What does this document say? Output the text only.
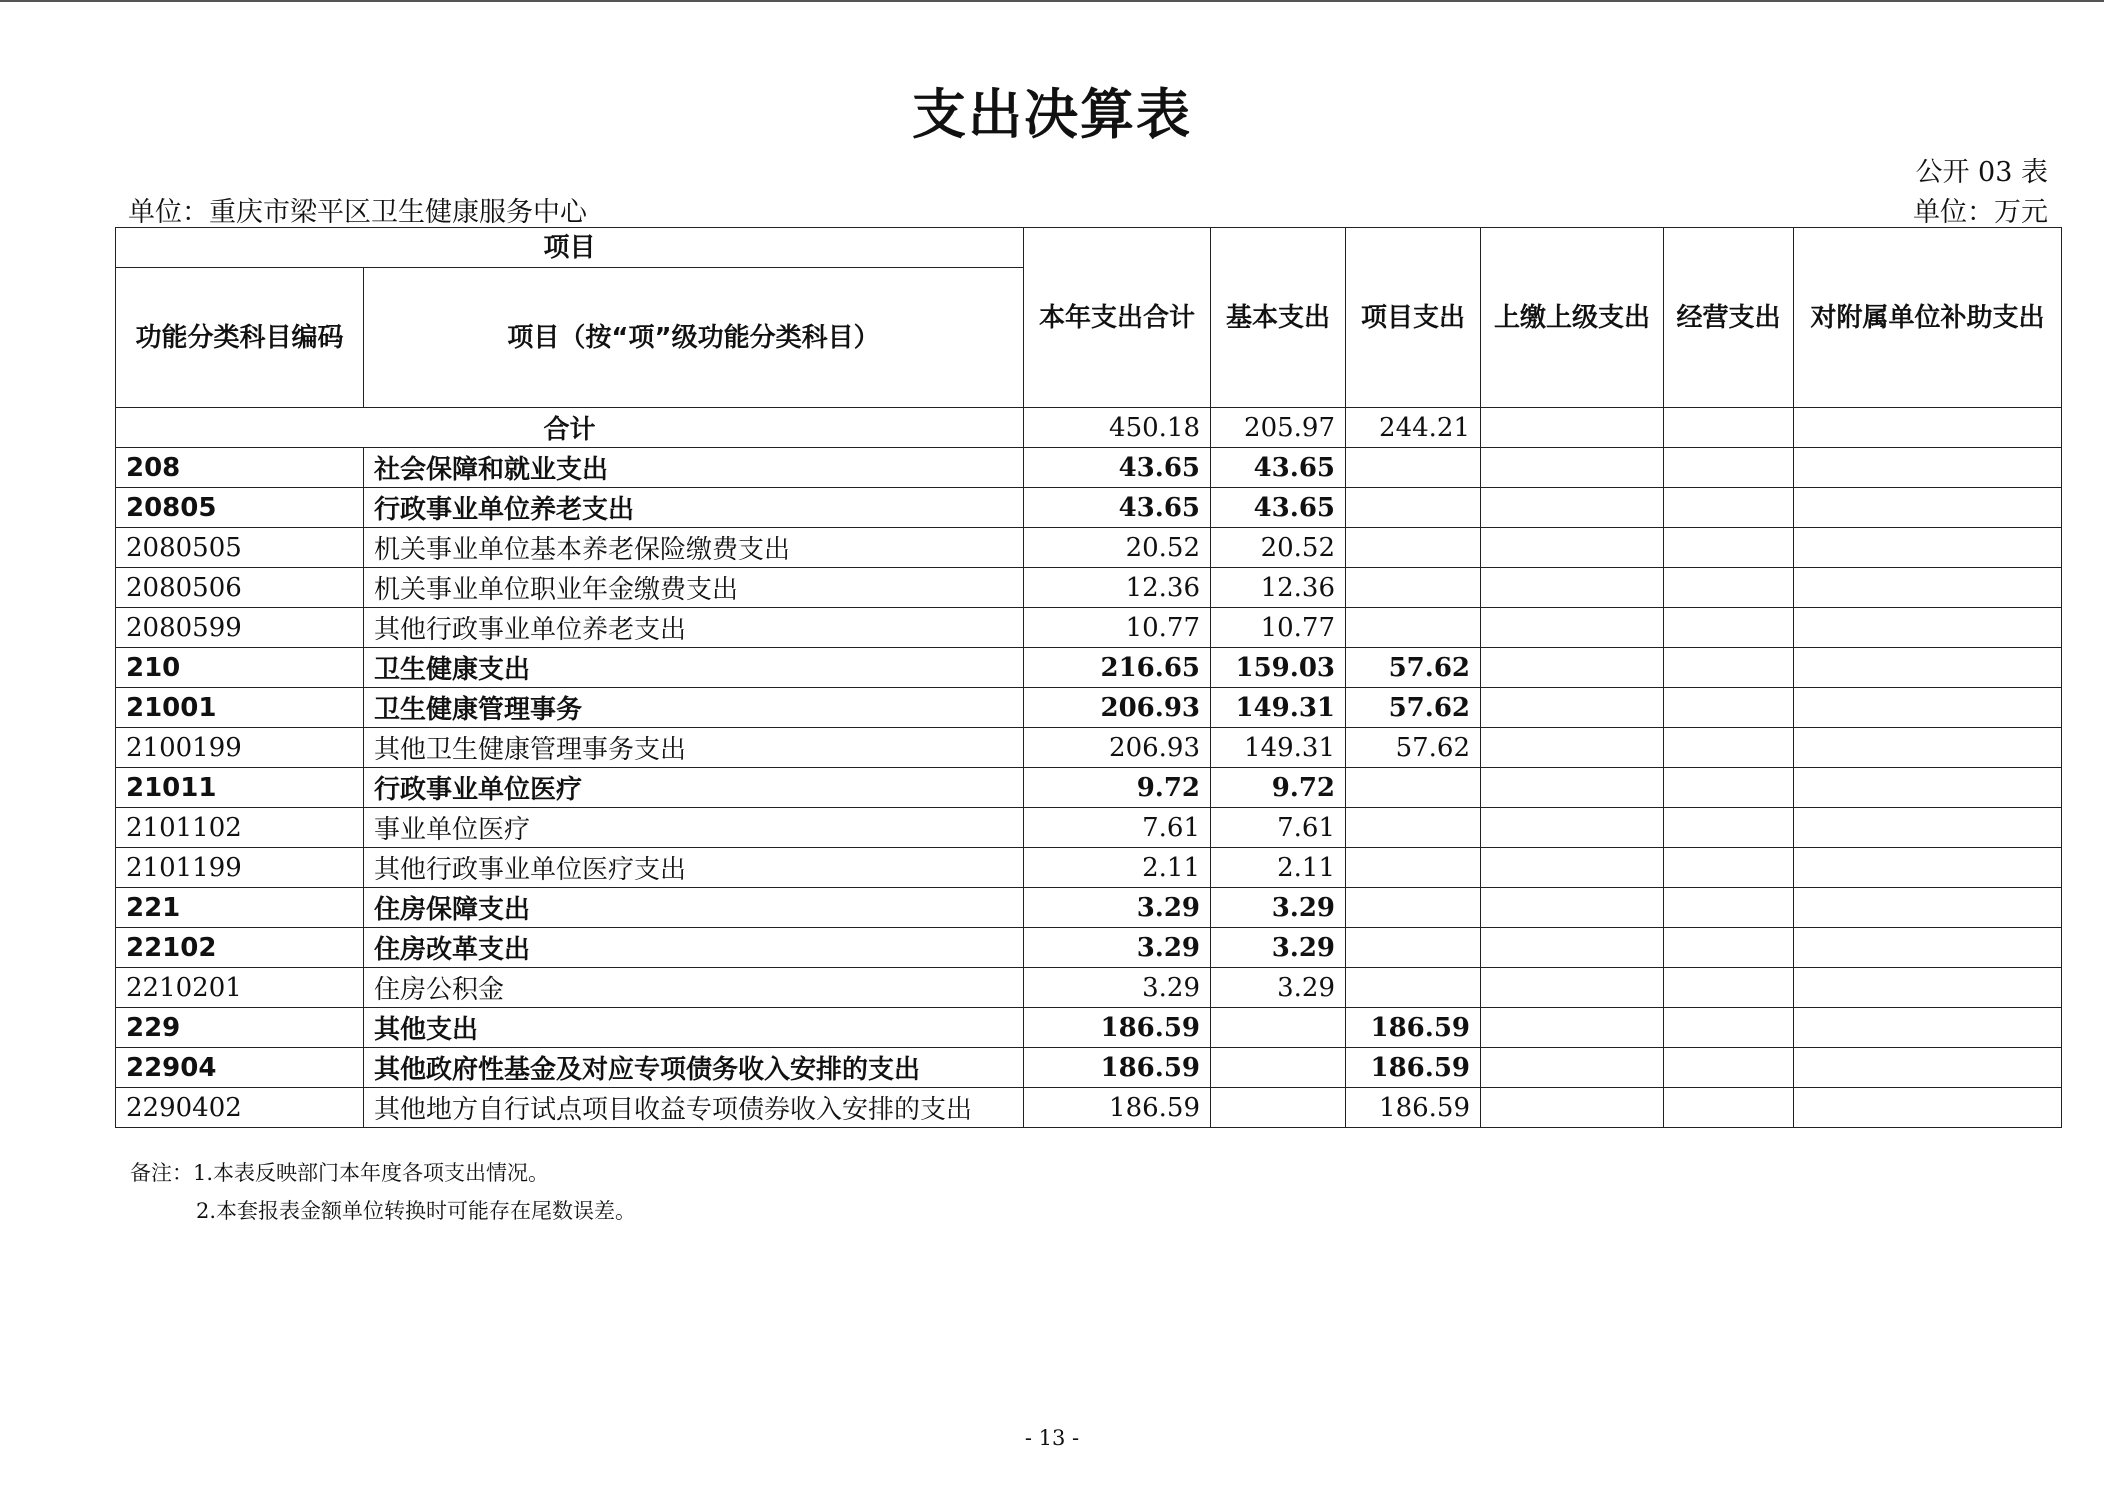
支出决算表
公开 03 表
单位：重庆市梁平区卫生健康服务中心	单位：万元
项目		本年支出合计	基本支出	项目支出	上缴上级支出	经营支出	对附属单位补助支出
功能分类科目编码	项目（按“项”级功能分类科目）						
合计		450.18	205.97	244.21			
208	社会保障和就业支出	43.65	43.65				
20805	行政事业单位养老支出	43.65	43.65				
2080505	机关事业单位基本养老保险缴费支出	20.52	20.52				
2080506	机关事业单位职业年金缴费支出	12.36	12.36				
2080599	其他行政事业单位养老支出	10.77	10.77				
210	卫生健康支出	216.65	159.03	57.62			
21001	卫生健康管理事务	206.93	149.31	57.62			
2100199	其他卫生健康管理事务支出	206.93	149.31	57.62			
21011	行政事业单位医疗	9.72	9.72				
2101102	事业单位医疗	7.61	7.61				
2101199	其他行政事业单位医疗支出	2.11	2.11				
221	住房保障支出	3.29	3.29				
22102	住房改革支出	3.29	3.29				
2210201	住房公积金	3.29	3.29				
229	其他支出	186.59		186.59			
22904	其他政府性基金及对应专项债务收入安排的支出	186.59		186.59			
2290402	其他地方自行试点项目收益专项债券收入安排的支出	186.59		186.59			
备注：1.本表反映部门本年度各项支出情况。
2.本套报表金额单位转换时可能存在尾数误差。
- 13 -
